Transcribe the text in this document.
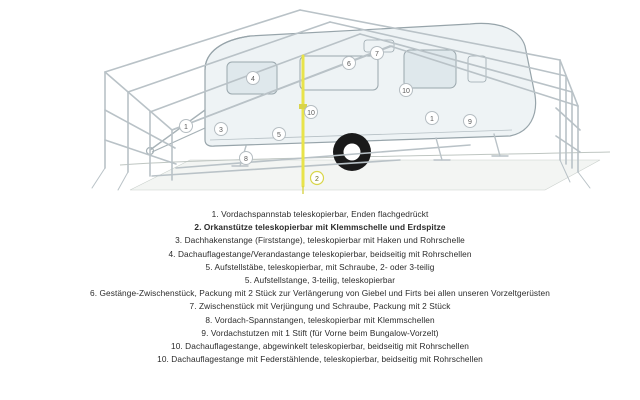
1
1
2
3
4
5
6
7
8
9
10
10
1. Vordachspannstab teleskopierbar, Enden flachgedrückt
2. Orkanstütze teleskopierbar mit Klemmschelle und Erdspitze
3. Dachhakenstange (Firststange), teleskopierbar mit Haken und Rohrschelle
4. Dachauflagestange/Verandastange teleskopierbar, beidseitig mit Rohrschellen
5. Aufstellstäbe, teleskopierbar, mit Schraube, 2- oder 3-teilig
5. Aufstellstange, 3-teilig, teleskopierbar
6. Gestänge-Zwischenstück, Packung mit 2 Stück zur Verlängerung von Giebel und Firts bei allen unseren Vorzeltgerüsten
7. Zwischenstück mit Verjüngung und Schraube, Packung mit 2 Stück
8. Vordach-Spannstangen, teleskopierbar mit Klemmschellen
9. Vordachstutzen mit 1 Stift (für Vorne beim Bungalow-Vorzelt)
10. Dachauflagestange, abgewinkelt teleskopierbar, beidseitig mit Rohrschellen
10. Dachauflagestange mit Federstählende, teleskopierbar, beidseitig mit Rohrschellen
